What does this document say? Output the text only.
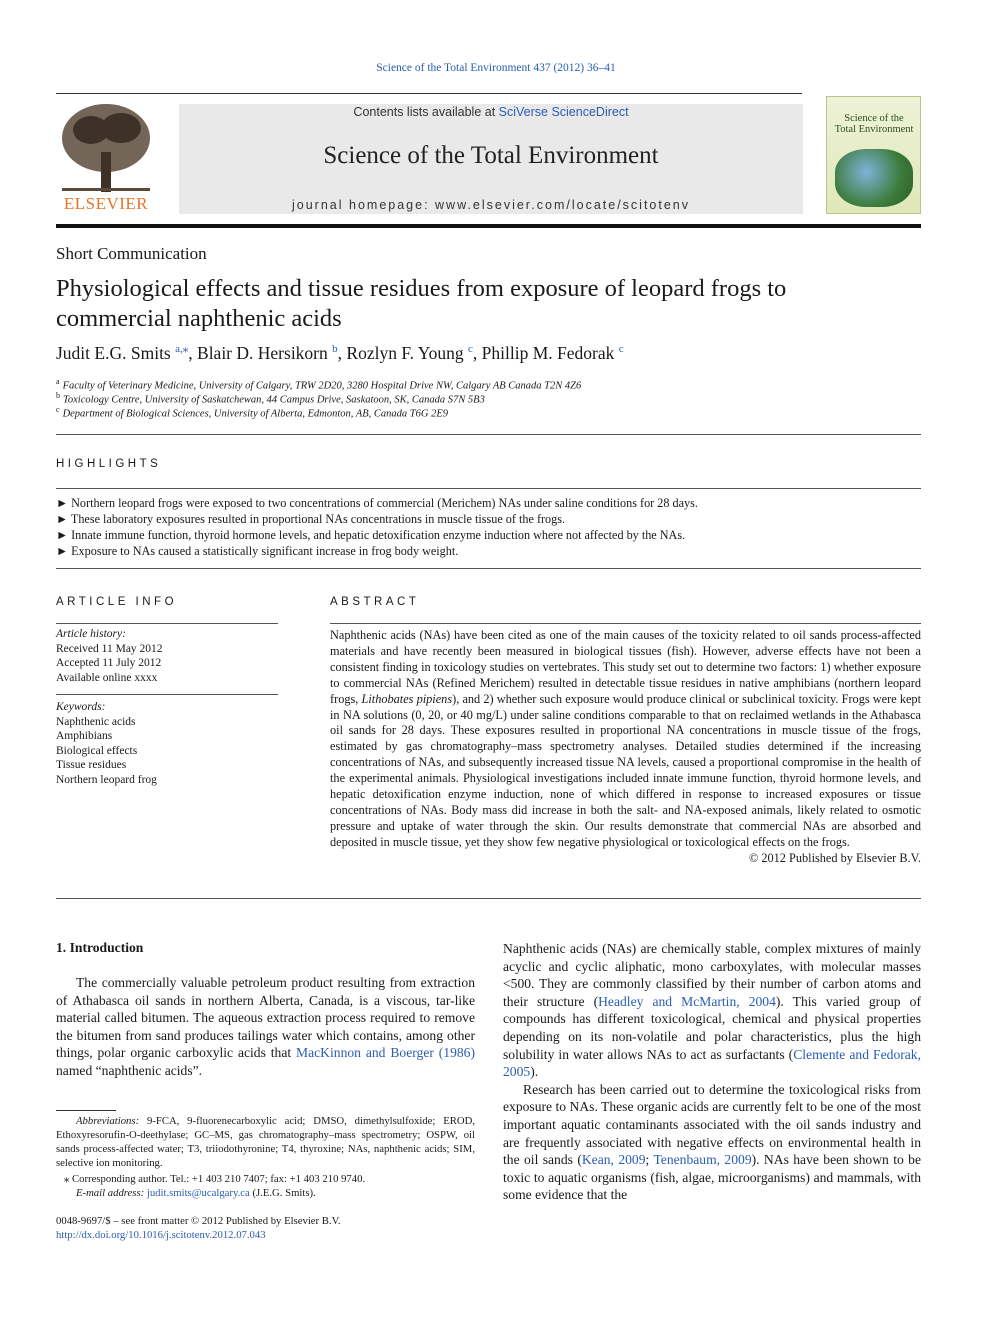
Science of the Total Environment 437 (2012) 36–41
ELSEVIER
Contents lists available at SciVerse ScienceDirect
Science of the Total Environment
journal homepage: www.elsevier.com/locate/scitotenv
Science of the Total Environment
Short Communication
Physiological effects and tissue residues from exposure of leopard frogs to
commercial naphthenic acids
Judit E.G. Smits $^{a,⁎}$, Blair D. Hersikorn $^b$, Rozlyn F. Young $^c$, Phillip M. Fedorak $^c$
$^a$ Faculty of Veterinary Medicine, University of Calgary, TRW 2D20, 3280 Hospital Drive NW, Calgary AB Canada T2N 4Z6
$^b$ Toxicology Centre, University of Saskatchewan, 44 Campus Drive, Saskatoon, SK, Canada S7N 5B3
$^c$ Department of Biological Sciences, University of Alberta, Edmonton, AB, Canada T6G 2E9
HIGHLIGHTS
► Northern leopard frogs were exposed to two concentrations of commercial (Merichem) NAs under saline conditions for 28 days.
► These laboratory exposures resulted in proportional NAs concentrations in muscle tissue of the frogs.
► Innate immune function, thyroid hormone levels, and hepatic detoxification enzyme induction where not affected by the NAs.
► Exposure to NAs caused a statistically significant increase in frog body weight.
ARTICLE INFO
Article history:
Received 11 May 2012
Accepted 11 July 2012
Available online xxxx
Keywords:
Naphthenic acids
Amphibians
Biological effects
Tissue residues
Northern leopard frog
ABSTRACT
Naphthenic acids (NAs) have been cited as one of the main causes of the toxicity related to oil sands process-affected materials and have recently been measured in biological tissues (fish). However, adverse effects have not been a consistent finding in toxicology studies on vertebrates. This study set out to determine two factors: 1) whether exposure to commercial NAs (Refined Merichem) resulted in detectable tissue residues in native amphibians (northern leopard frogs, Lithobates pipiens), and 2) whether such exposure would produce clinical or subclinical toxicity. Frogs were kept in NA solutions (0, 20, or 40 mg/L) under saline conditions comparable to that on reclaimed wetlands in the Athabasca oil sands for 28 days. These exposures resulted in proportional NA concentrations in muscle tissue of the frogs, estimated by gas chromatography–mass spectrometry analyses. Detailed studies determined if the increasing concentrations of NAs, and subsequently increased tissue NA levels, caused a proportional compromise in the health of the experimental animals. Physiological investigations included innate immune function, thyroid hormone levels, and hepatic detoxification enzyme induction, none of which differed in response to increased exposures or tissue concentrations of NAs. Body mass did increase in both the salt- and NA-exposed animals, likely related to osmotic pressure and uptake of water through the skin. Our results demonstrate that commercial NAs are absorbed and deposited in muscle tissue, yet they show few negative physiological or toxicological effects on the frogs.
© 2012 Published by Elsevier B.V.
1. Introduction
The commercially valuable petroleum product resulting from extraction of Athabasca oil sands in northern Alberta, Canada, is a viscous, tar-like material called bitumen. The aqueous extraction process required to remove the bitumen from sand produces tailings water which contains, among other things, polar organic carboxylic acids that MacKinnon and Boerger (1986) named “naphthenic acids”.
Abbreviations: 9-FCA, 9-fluorenecarboxylic acid; DMSO, dimethylsulfoxide; EROD, Ethoxyresorufin-O-deethylase; GC–MS, gas chromatography–mass spectrometry; OSPW, oil sands process-affected water; T3, triiodothyronine; T4, thyroxine; NAs, naphthenic acids; SIM, selective ion monitoring.
⁎ Corresponding author. Tel.: +1 403 210 7407; fax: +1 403 210 9740.
E-mail address: judit.smits@ucalgary.ca (J.E.G. Smits).
0048-9697/$ – see front matter © 2012 Published by Elsevier B.V.
http://dx.doi.org/10.1016/j.scitotenv.2012.07.043
Naphthenic acids (NAs) are chemically stable, complex mixtures of mainly acyclic and cyclic aliphatic, mono carboxylates, with molecular masses <500. They are commonly classified by their number of carbon atoms and their structure (Headley and McMartin, 2004). This varied group of compounds has different toxicological, chemical and physical properties depending on its non-volatile and polar characteristics, plus the high solubility in water allows NAs to act as surfactants (Clemente and Fedorak, 2005).
Research has been carried out to determine the toxicological risks from exposure to NAs. These organic acids are currently felt to be one of the most important aquatic contaminants associated with the oil sands industry and are frequently associated with negative effects on environmental health in the oil sands (Kean, 2009; Tenenbaum, 2009). NAs have been shown to be toxic to aquatic organisms (fish, algae, microorganisms) and mammals, with some evidence that the
